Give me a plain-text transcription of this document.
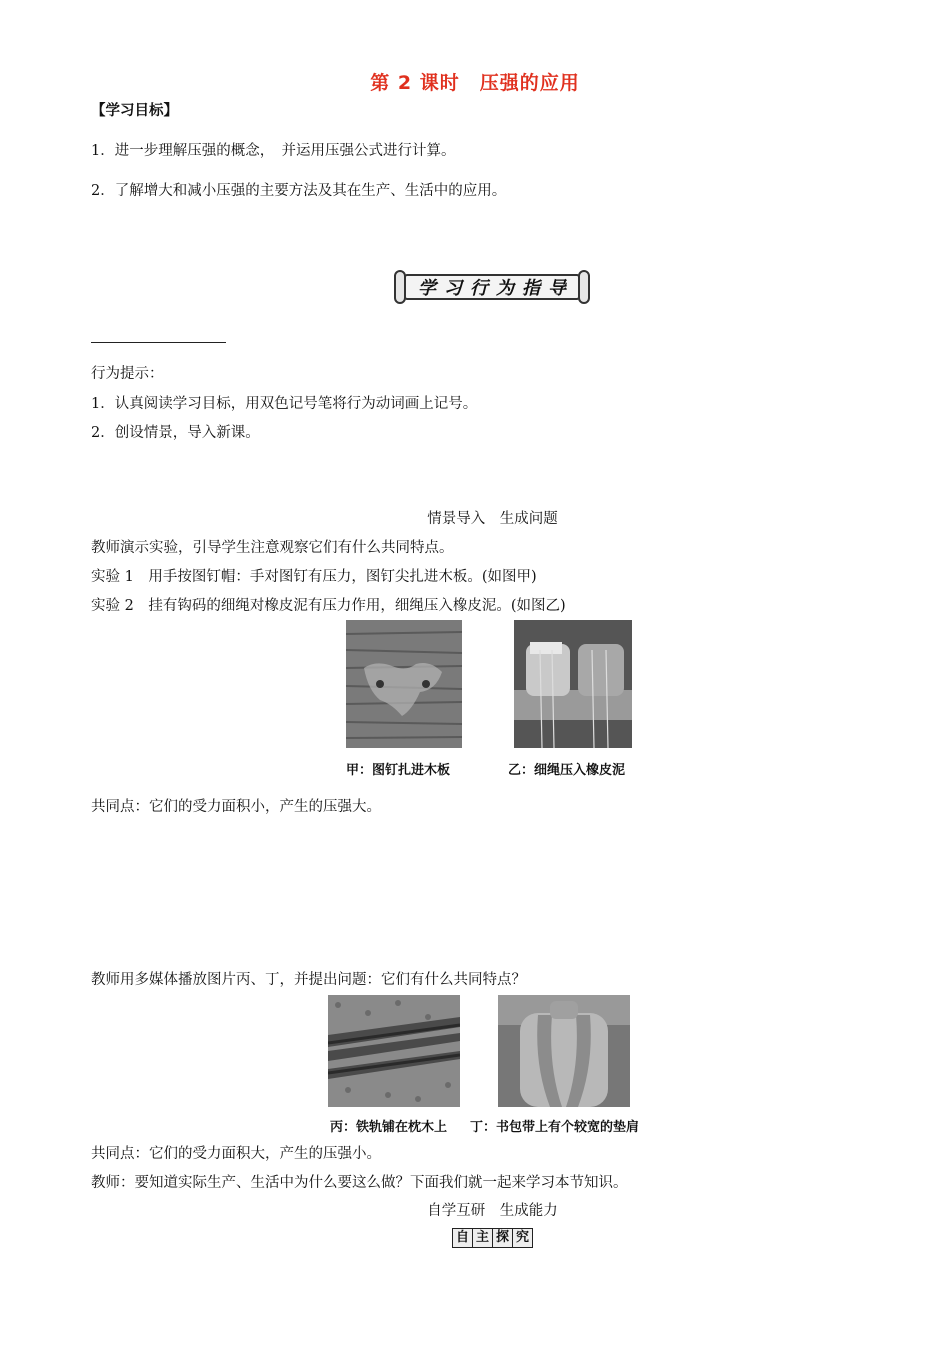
第 2 课时　压强的应用
【学习目标】
1．进一步理解压强的概念，　并运用压强公式进行计算。
2．了解增大和减小压强的主要方法及其在生产、生活中的应用。
学 习 行 为 指 导
行为提示：
1．认真阅读学习目标，用双色记号笔将行为动词画上记号。
2．创设情景，导入新课。
情景导入　生成问题
教师演示实验，引导学生注意观察它们有什么共同特点。
实验 1　用手按图钉帽：手对图钉有压力，图钉尖扎进木板。(如图甲)
实验 2　挂有钩码的细绳对橡皮泥有压力作用，细绳压入橡皮泥。(如图乙)
甲：图钉扎进木板	乙：细绳压入橡皮泥
共同点：它们的受力面积小，产生的压强大。
教师用多媒体播放图片丙、丁，并提出问题：它们有什么共同特点？
丙：铁轨铺在枕木上 丁：书包带上有个较宽的垫肩
共同点：它们的受力面积大，产生的压强小。
教师：要知道实际生产、生活中为什么要这么做？下面我们就一起来学习本节知识。
自学互研　生成能力
自 主 探 究
